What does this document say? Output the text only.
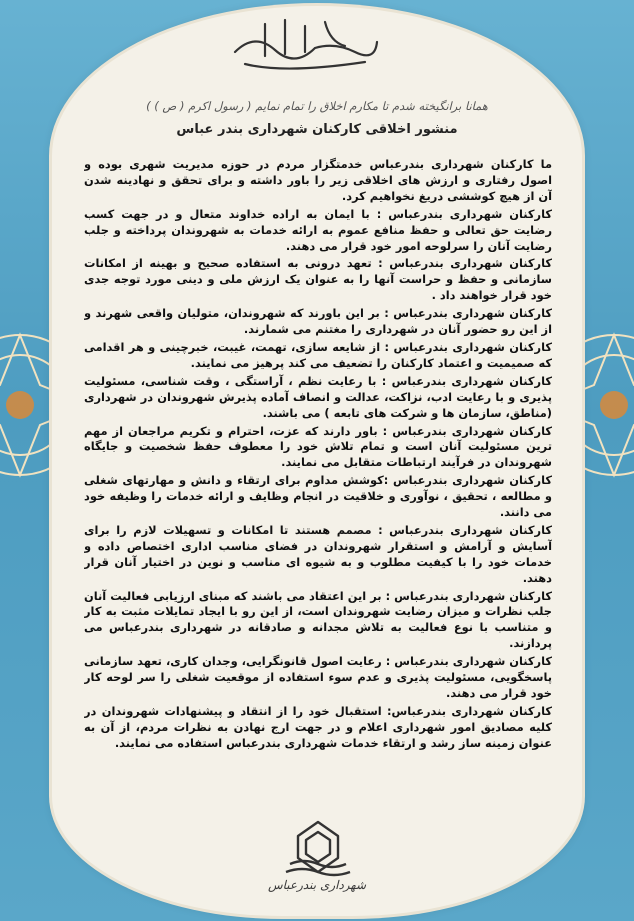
همانا برانگیخته شدم تا مکارم اخلاق را تمام نمایم ( رسول اکرم ( ص ) )
منشور اخلاقی کارکنان شهرداری بندر عباس

ما کارکنان شهرداری بندرعباس خدمتگزار مردم در حوزه مدیریت شهری بوده و اصول رفتاری و ارزش های اخلاقی زیر را باور داشته و برای تحقق و نهادینه شدن آن از هیچ کوششی دریغ نخواهیم کرد.

کارکنان شهرداری بندرعباس : با ایمان به اراده خداوند متعال و در جهت کسب رضایت حق تعالی و حفظ منافع عموم به ارائه خدمات به شهروندان پرداخته و جلب رضایت آنان را سرلوحه امور خود قرار می دهند.

کارکنان شهرداری بندرعباس : تعهد درونی به استفاده صحیح و بهینه از امکانات سازمانی و حفظ و حراست آنها را به عنوان یک ارزش ملی و دینی مورد توجه جدی خود قرار خواهند داد .

کارکنان شهرداری بندرعباس : بر این باورند که شهروندان، متولیان واقعی شهرند و از این رو حضور آنان در شهرداری را مغتنم می شمارند.

کارکنان شهرداری بندرعباس : از شایعه سازی، تهمت، غیبت، خبرچینی و هر اقدامی که صمیمیت و اعتماد کارکنان را تضعیف می کند پرهیز می نمایند.

کارکنان شهرداری بندرعباس : با رعایت نظم ، آراستگی ، وقت شناسی، مسئولیت پذیری و با رعایت ادب، نزاکت، عدالت و انصاف آماده پذیرش شهروندان در شهرداری (مناطق، سازمان ها و شرکت های تابعه ) می باشند.

کارکنان شهرداری بندرعباس : باور دارند که عزت، احترام و تکریم مراجعان از مهم ترین مسئولیت آنان است و تمام تلاش خود را معطوف حفظ شخصیت و جایگاه شهروندان در فرآیند ارتباطات متقابل می نمایند.

کارکنان شهرداری بندرعباس :کوشش مداوم برای ارتقاء و دانش و مهارتهای شغلی و مطالعه ، تحقیق ، نوآوری و خلاقیت در انجام وظایف و ارائه خدمات را وظیفه خود می دانند.

کارکنان شهرداری بندرعباس : مصمم هستند تا امکانات و تسهیلات لازم را برای آسایش و آرامش و استقرار شهروندان در فضای مناسب اداری اختصاص داده و خدمات خود را با کیفیت مطلوب و به شیوه ای مناسب و نوین در اختیار آنان قرار دهند.

کارکنان شهرداری بندرعباس : بر این اعتقاد می باشند که مبنای ارزیابی فعالیت آنان جلب نظرات و میزان رضایت شهروندان است، از این رو با ایجاد تمایلات مثبت به کار و متناسب با نوع فعالیت به تلاش مجدانه و صادقانه در شهرداری بندرعباس می پردازند.

کارکنان شهرداری بندرعباس : رعایت اصول قانونگرایی، وجدان کاری، تعهد سازمانی پاسخگویی، مسئولیت پذیری و عدم سوء استفاده از موقعیت شغلی را سر لوحه کار خود قرار می دهند.

کارکنان شهرداری بندرعباس: استقبال خود را از انتقاد و پیشنهادات شهروندان در کلیه مصادیق امور شهرداری اعلام و در جهت ارج نهادن به نظرات مردم، از آن به عنوان زمینه ساز رشد و ارتقاء خدمات شهرداری بندرعباس استفاده می نمایند.

شهرداری بندرعباس
